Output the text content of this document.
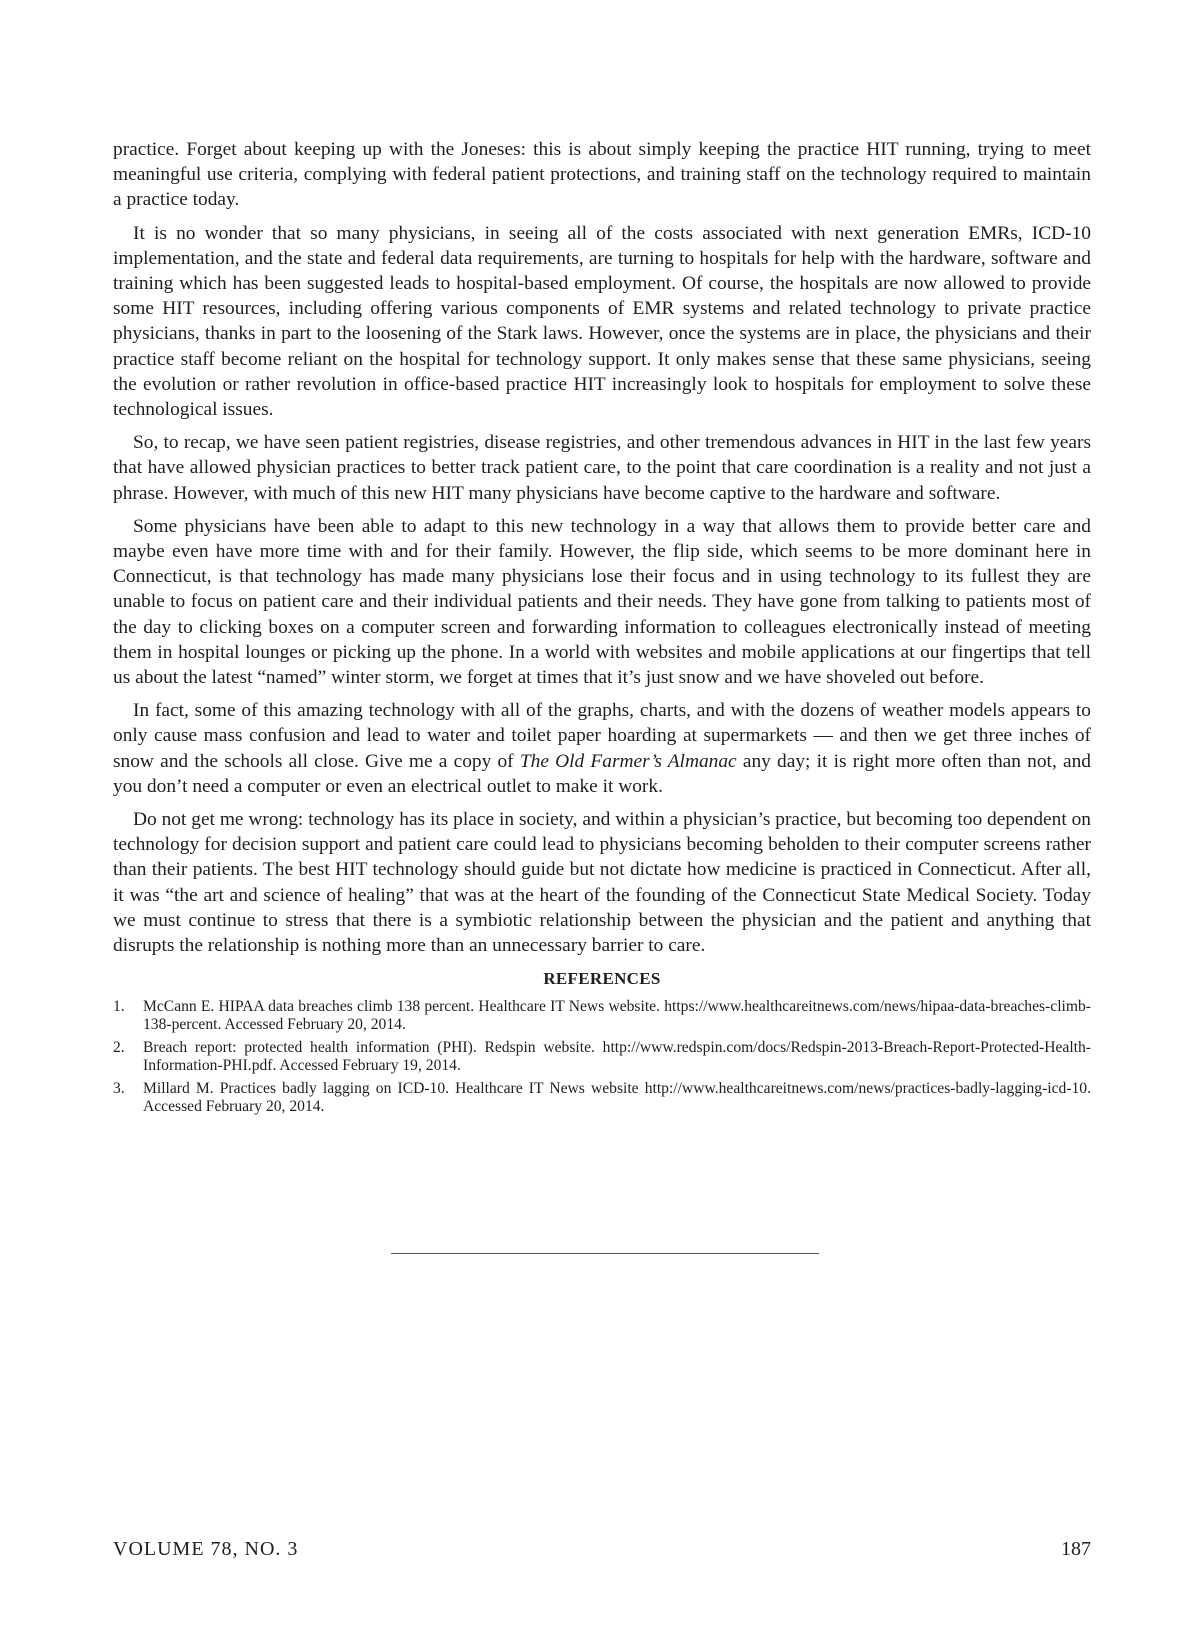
practice. Forget about keeping up with the Joneses: this is about simply keeping the practice HIT running, trying to meet meaningful use criteria, complying with federal patient protections, and training staff on the technology required to maintain a practice today.

It is no wonder that so many physicians, in seeing all of the costs associated with next generation EMRs, ICD-10 implementation, and the state and federal data requirements, are turning to hospitals for help with the hardware, software and training which has been suggested leads to hospital-based employment. Of course, the hospitals are now allowed to provide some HIT resources, including offering various components of EMR systems and related technology to private practice physicians, thanks in part to the loosening of the Stark laws. However, once the systems are in place, the physicians and their practice staff become reliant on the hospital for technology support. It only makes sense that these same physicians, seeing the evolution or rather revolution in office-based practice HIT increasingly look to hospitals for employment to solve these technological issues.

So, to recap, we have seen patient registries, disease registries, and other tremendous advances in HIT in the last few years that have allowed physician practices to better track patient care, to the point that care coordination is a reality and not just a phrase. However, with much of this new HIT many physicians have become captive to the hardware and software.

Some physicians have been able to adapt to this new technology in a way that allows them to provide better care and maybe even have more time with and for their family. However, the flip side, which seems to be more dominant here in Connecticut, is that technology has made many physicians lose their focus and in using technology to its fullest they are unable to focus on patient care and their individual patients and their needs. They have gone from talking to patients most of the day to clicking boxes on a computer screen and forwarding information to colleagues electronically instead of meeting them in hospital lounges or picking up the phone. In a world with websites and mobile applications at our fingertips that tell us about the latest “named” winter storm, we forget at times that it’s just snow and we have shoveled out before.

In fact, some of this amazing technology with all of the graphs, charts, and with the dozens of weather models appears to only cause mass confusion and lead to water and toilet paper hoarding at supermarkets — and then we get three inches of snow and the schools all close. Give me a copy of The Old Farmer’s Almanac any day; it is right more often than not, and you don’t need a computer or even an electrical outlet to make it work.

Do not get me wrong: technology has its place in society, and within a physician’s practice, but becoming too dependent on technology for decision support and patient care could lead to physicians becoming beholden to their computer screens rather than their patients. The best HIT technology should guide but not dictate how medicine is practiced in Connecticut. After all, it was “the art and science of healing” that was at the heart of the founding of the Connecticut State Medical Society. Today we must continue to stress that there is a symbiotic relationship between the physician and the patient and anything that disrupts the relationship is nothing more than an unnecessary barrier to care.

REFERENCES
1.	McCann E. HIPAA data breaches climb 138 percent. Healthcare IT News website. https://www.healthcareitnews.com/news/hipaa-data-breaches-climb-138-percent. Accessed February 20, 2014.
2.	Breach report: protected health information (PHI). Redspin website. http://www.redspin.com/docs/Redspin-2013-Breach-Report-Protected-Health-Information-PHI.pdf. Accessed February 19, 2014.
3.	Millard M. Practices badly lagging on ICD-10. Healthcare IT News website http://www.healthcareitnews.com/news/practices-badly-lagging-icd-10. Accessed February 20, 2014.
VOLUME 78, NO. 3	187
